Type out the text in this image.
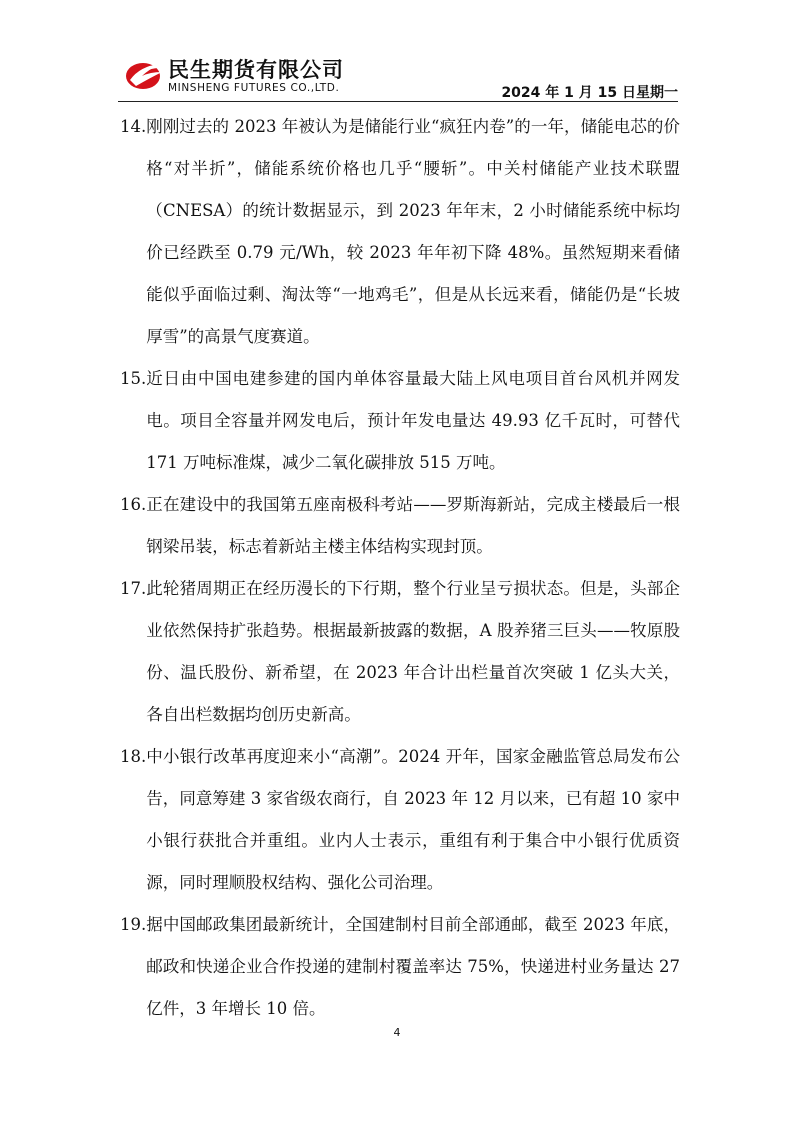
民生期货有限公司
MINSHENG FUTURES CO.,LTD.	2024 年 1 月 15 日星期一
14. 刚刚过去的 2023 年被认为是储能行业“疯狂内卷”的一年，储能电芯的价格“对半折”，储能系统价格也几乎“腰斩”。中关村储能产业技术联盟（CNESA）的统计数据显示，到 2023 年年末，2 小时储能系统中标均价已经跌至 0.79 元/Wh，较 2023 年年初下降 48%。虽然短期来看储能似乎面临过剩、淘汰等“一地鸡毛”，但是从长远来看，储能仍是“长坡厚雪”的高景气度赛道。
15. 近日由中国电建参建的国内单体容量最大陆上风电项目首台风机并网发电。项目全容量并网发电后，预计年发电量达 49.93 亿千瓦时，可替代 171 万吨标准煤，减少二氧化碳排放 515 万吨。
16. 正在建设中的我国第五座南极科考站——罗斯海新站，完成主楼最后一根钢梁吊装，标志着新站主楼主体结构实现封顶。
17. 此轮猪周期正在经历漫长的下行期，整个行业呈亏损状态。但是，头部企业依然保持扩张趋势。根据最新披露的数据，A 股养猪三巨头——牧原股份、温氏股份、新希望，在 2023 年合计出栏量首次突破 1 亿头大关，各自出栏数据均创历史新高。
18. 中小银行改革再度迎来小“高潮”。2024 开年，国家金融监管总局发布公告，同意筹建 3 家省级农商行，自 2023 年 12 月以来，已有超 10 家中小银行获批合并重组。业内人士表示，重组有利于集合中小银行优质资源，同时理顺股权结构、强化公司治理。
19. 据中国邮政集团最新统计，全国建制村目前全部通邮，截至 2023 年底，邮政和快递企业合作投递的建制村覆盖率达 75%，快递进村业务量达 27 亿件，3 年增长 10 倍。
4
